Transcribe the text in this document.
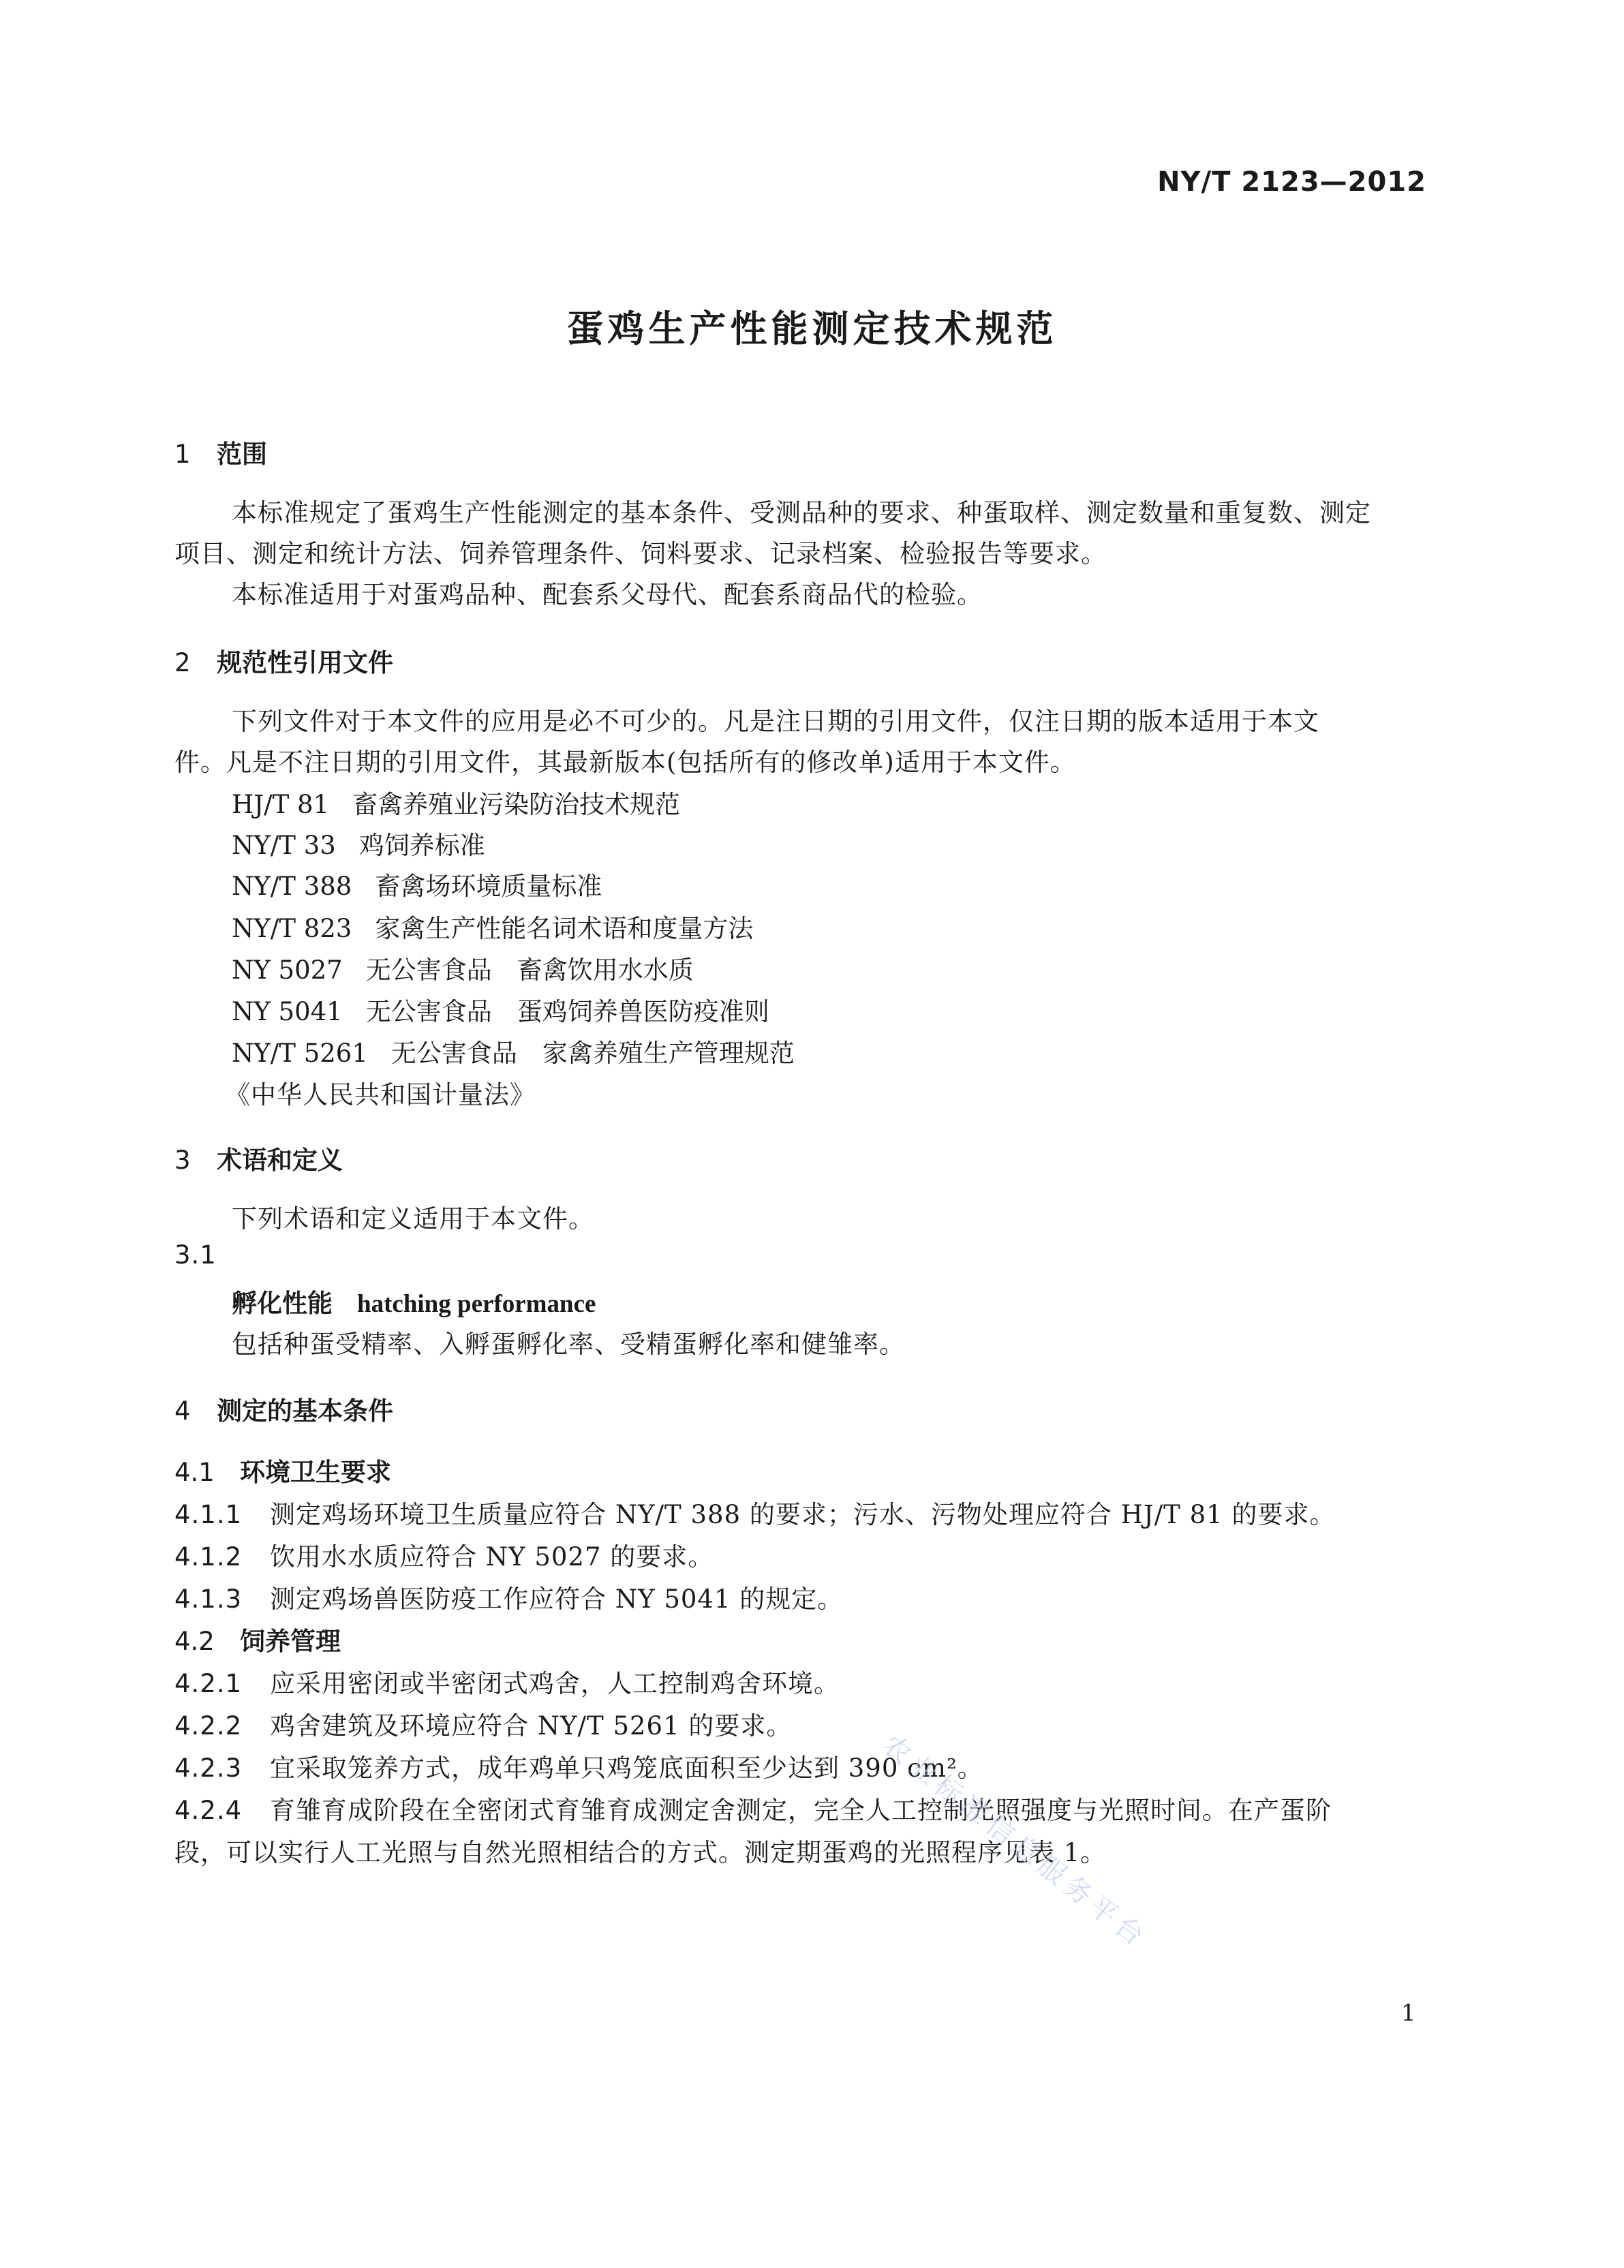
NY/T 2123—2012
蛋鸡生产性能测定技术规范
1 范围
本标准规定了蛋鸡生产性能测定的基本条件、受测品种的要求、种蛋取样、测定数量和重复数、测定
项目、测定和统计方法、饲养管理条件、饲料要求、记录档案、检验报告等要求。
本标准适用于对蛋鸡品种、配套系父母代、配套系商品代的检验。
2 规范性引用文件
下列文件对于本文件的应用是必不可少的。凡是注日期的引用文件，仅注日期的版本适用于本文
件。凡是不注日期的引用文件，其最新版本(包括所有的修改单)适用于本文件。
HJ/T 81 畜禽养殖业污染防治技术规范
NY/T 33 鸡饲养标准
NY/T 388 畜禽场环境质量标准
NY/T 823 家禽生产性能名词术语和度量方法
NY 5027 无公害食品　畜禽饮用水水质
NY 5041 无公害食品　蛋鸡饲养兽医防疫准则
NY/T 5261 无公害食品　家禽养殖生产管理规范
《中华人民共和国计量法》
3 术语和定义
下列术语和定义适用于本文件。
3.1
孵化性能 hatching performance
包括种蛋受精率、入孵蛋孵化率、受精蛋孵化率和健雏率。
4 测定的基本条件
4.1 环境卫生要求
4.1.1 测定鸡场环境卫生质量应符合 NY/T 388 的要求；污水、污物处理应符合 HJ/T 81 的要求。
4.1.2 饮用水水质应符合 NY 5027 的要求。
4.1.3 测定鸡场兽医防疫工作应符合 NY 5041 的规定。
4.2 饲养管理
4.2.1 应采用密闭或半密闭式鸡舍，人工控制鸡舍环境。
4.2.2 鸡舍建筑及环境应符合 NY/T 5261 的要求。
4.2.3 宜采取笼养方式，成年鸡单只鸡笼底面积至少达到 390 cm²。
4.2.4 育雏育成阶段在全密闭式育雏育成测定舍测定，完全人工控制光照强度与光照时间。在产蛋阶
段，可以实行人工光照与自然光照相结合的方式。测定期蛋鸡的光照程序见表 1。
农业标准信息服务平台
1
